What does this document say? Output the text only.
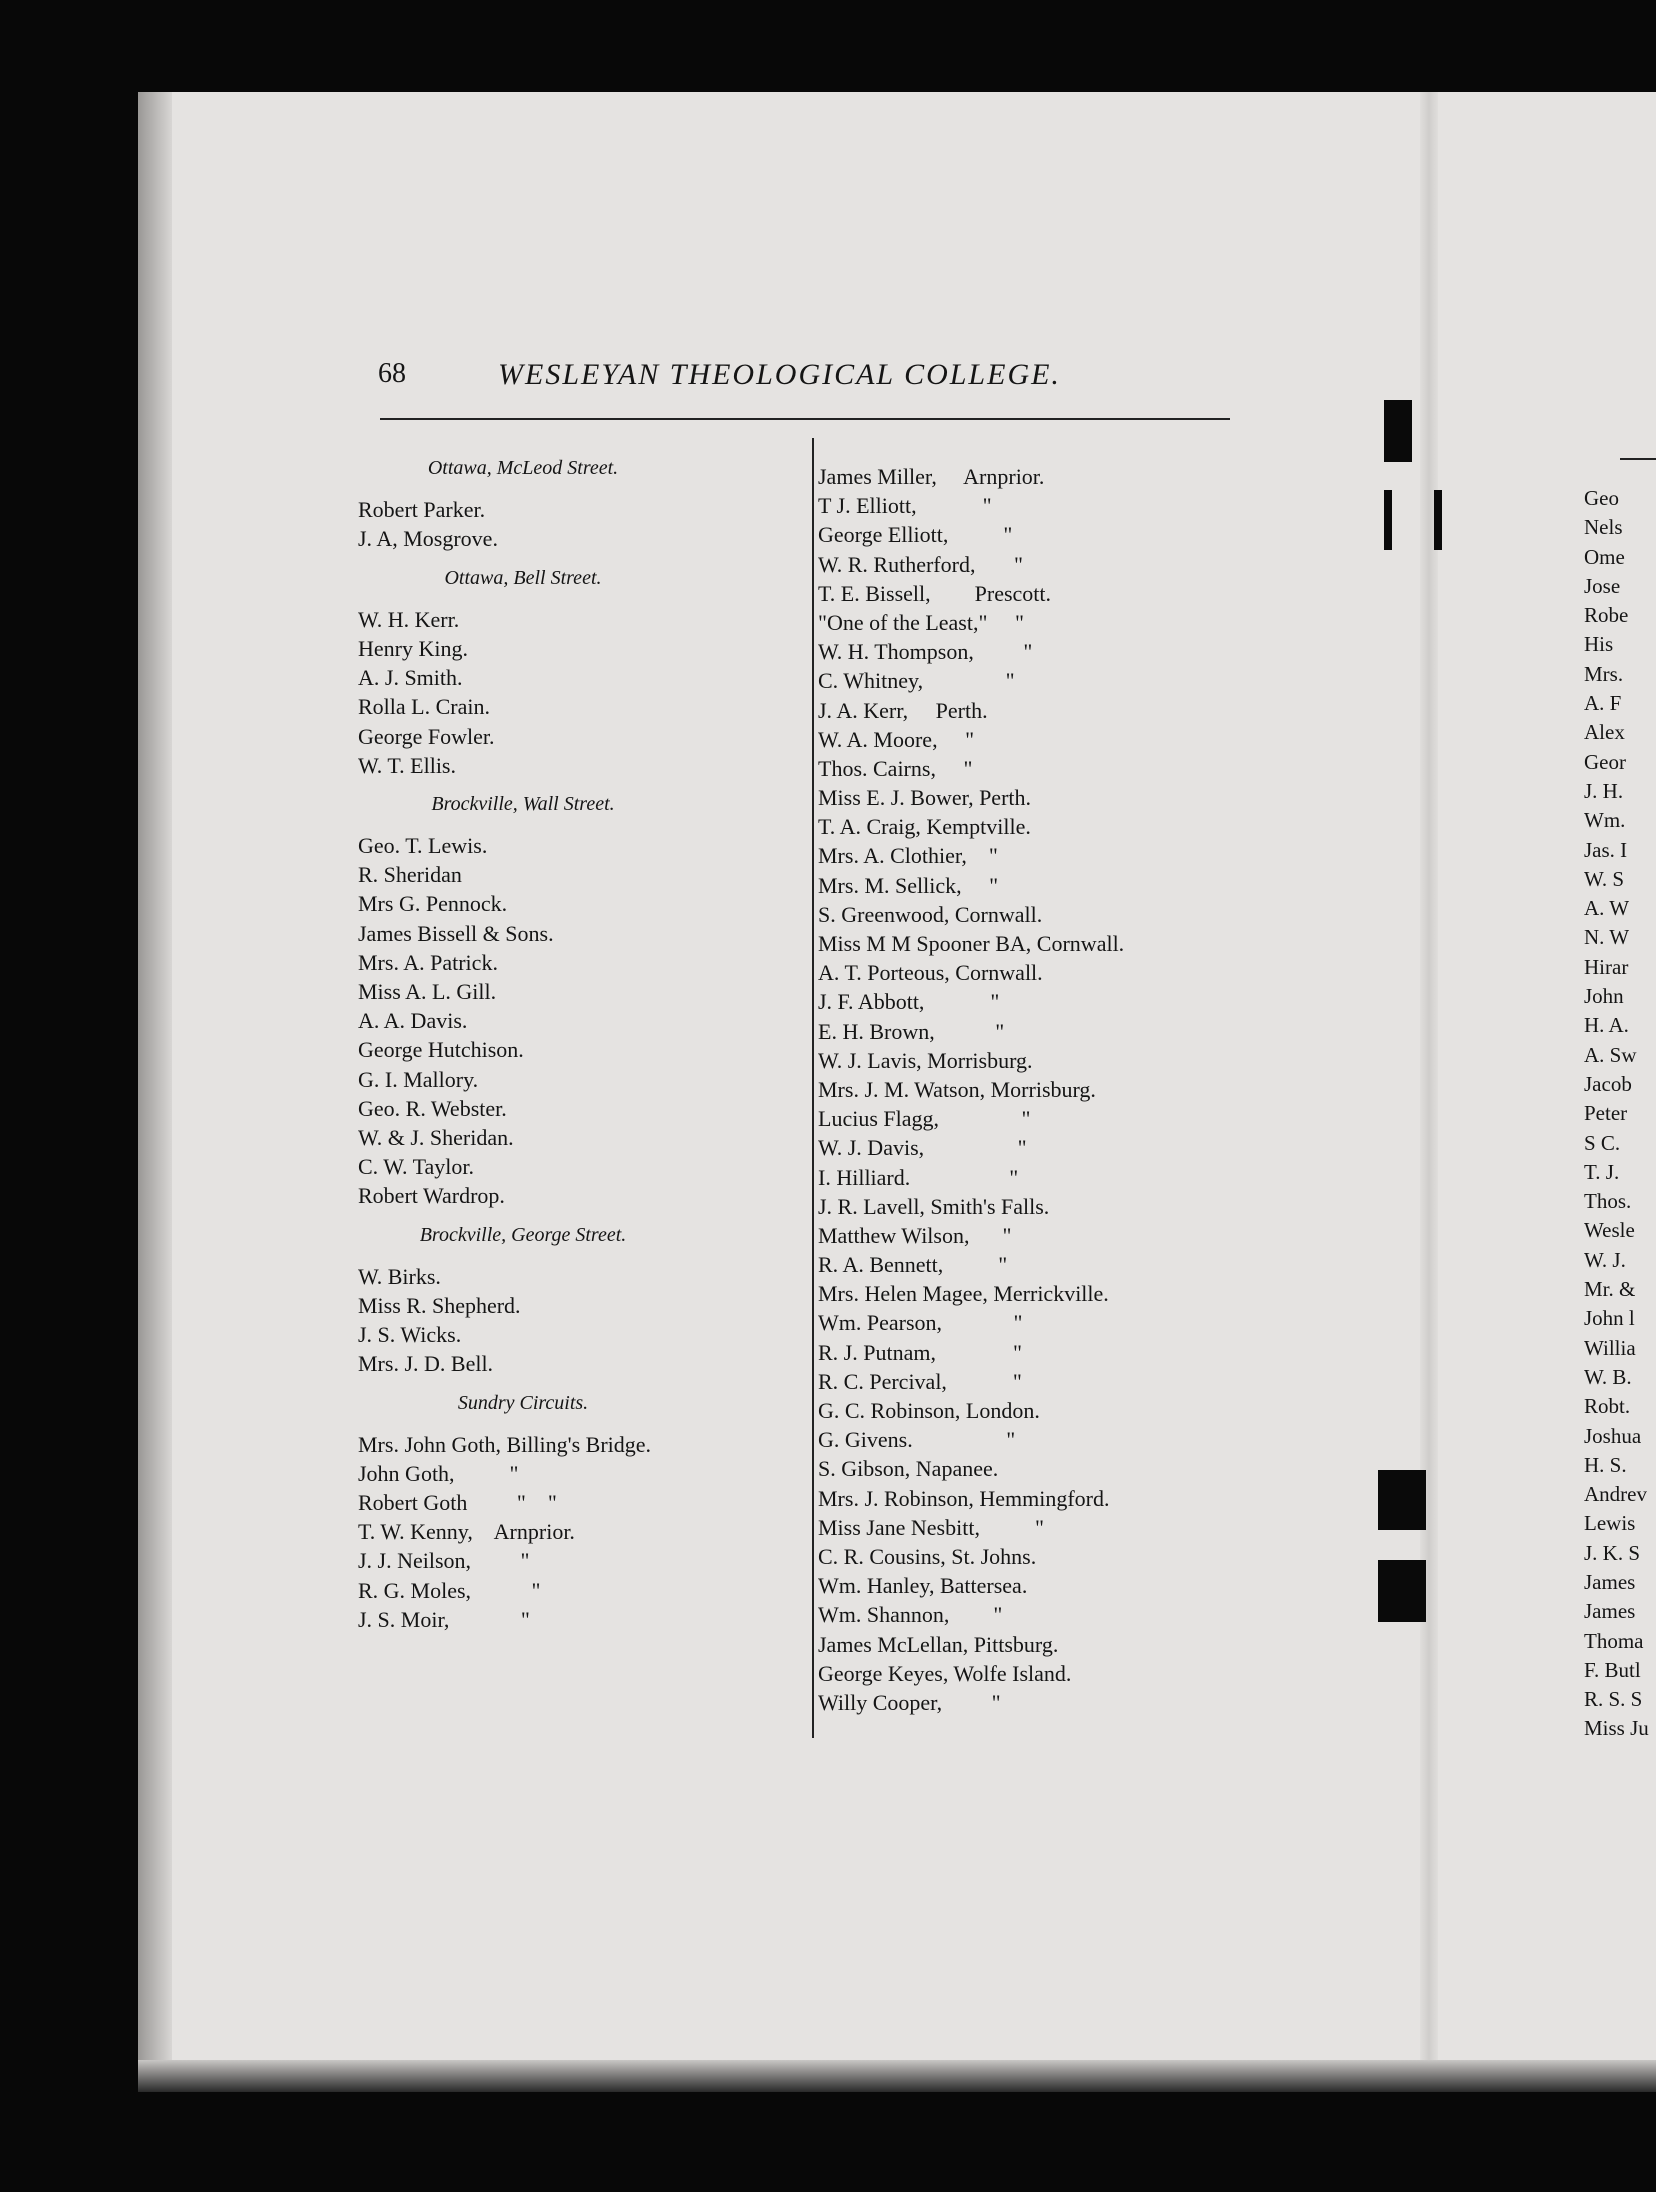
68	WESLEYAN THEOLOGICAL COLLEGE.
Ottawa, McLeod Street.
Robert Parker.
J. A, Mosgrove.
Ottawa, Bell Street.
W. H. Kerr.
Henry King.
A. J. Smith.
Rolla L. Crain.
George Fowler.
W. T. Ellis.
Brockville, Wall Street.
Geo. T. Lewis.
R. Sheridan
Mrs G. Pennock.
James Bissell & Sons.
Mrs. A. Patrick.
Miss A. L. Gill.
A. A. Davis.
George Hutchison.
G. I. Mallory.
Geo. R. Webster.
W. & J. Sheridan.
C. W. Taylor.
Robert Wardrop.
Brockville, George Street.
W. Birks.
Miss R. Shepherd.
J. S. Wicks.
Mrs. J. D. Bell.
Sundry Circuits.
Mrs. John Goth, Billing's Bridge.
John Goth,          "
Robert Goth         "    "
T. W. Kenny,    Arnprior.
J. J. Neilson,         "
R. G. Moles,           "
J. S. Moir,             "
James Miller,     Arnprior.
T J. Elliott,            "
George Elliott,          "
W. R. Rutherford,       "
T. E. Bissell,        Prescott.
"One of the Least,"     "
W. H. Thompson,         "
C. Whitney,               "
J. A. Kerr,     Perth.
W. A. Moore,     "
Thos. Cairns,     "
Miss E. J. Bower, Perth.
T. A. Craig, Kemptville.
Mrs. A. Clothier,    "
Mrs. M. Sellick,     "
S. Greenwood, Cornwall.
Miss M M Spooner BA, Cornwall.
A. T. Porteous, Cornwall.
J. F. Abbott,            "
E. H. Brown,           "
W. J. Lavis, Morrisburg.
Mrs. J. M. Watson, Morrisburg.
Lucius Flagg,               "
W. J. Davis,                 "
I. Hilliard.                  "
J. R. Lavell, Smith's Falls.
Matthew Wilson,      "
R. A. Bennett,          "
Mrs. Helen Magee, Merrickville.
Wm. Pearson,             "
R. J. Putnam,              "
R. C. Percival,            "
G. C. Robinson, London.
G. Givens.                 "
S. Gibson, Napanee.
Mrs. J. Robinson, Hemmingford.
Miss Jane Nesbitt,          "
C. R. Cousins, St. Johns.
Wm. Hanley, Battersea.
Wm. Shannon,        "
James McLellan, Pittsburg.
George Keyes, Wolfe Island.
Willy Cooper,         "
Geo
Nels
Ome
Jose
Robe
His
Mrs.
A. F
Alex
Geor
J. H.
Wm.
Jas. I
W. S
A. W
N. W
Hirar
John
H. A.
A. Sw
Jacob
Peter
S C.
T. J.
Thos.
Wesle
W. J.
Mr. &
John l
Willia
W. B.
Robt.
Joshua
H. S.
Andrev
Lewis
J. K. S
James
James
Thoma
F. Butl
R. S. S
Miss Ju
